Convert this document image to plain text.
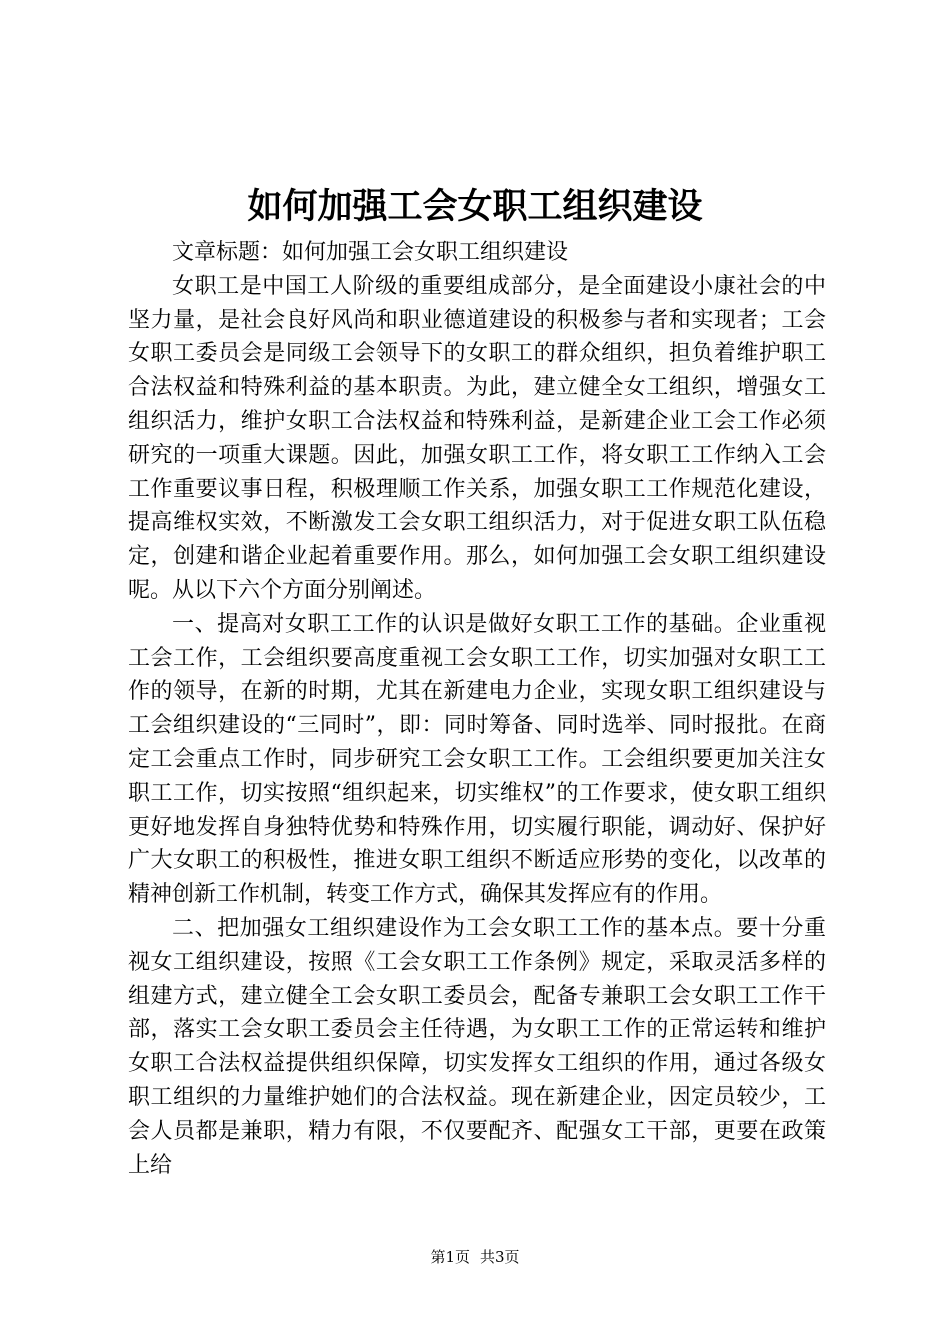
如何加强工会女职工组织建设

文章标题：如何加强工会女职工组织建设

女职工是中国工人阶级的重要组成部分，是全面建设小康社会的中坚力量，是社会良好风尚和职业德道建设的积极参与者和实现者；工会女职工委员会是同级工会领导下的女职工的群众组织，担负着维护职工合法权益和特殊利益的基本职责。为此，建立健全女工组织，增强女工组织活力，维护女职工合法权益和特殊利益，是新建企业工会工作必须研究的一项重大课题。因此，加强女职工工作，将女职工工作纳入工会工作重要议事日程，积极理顺工作关系，加强女职工工作规范化建设，提高维权实效，不断激发工会女职工组织活力，对于促进女职工队伍稳定，创建和谐企业起着重要作用。那么，如何加强工会女职工组织建设呢。从以下六个方面分别阐述。

一、提高对女职工工作的认识是做好女职工工作的基础。企业重视工会工作，工会组织要高度重视工会女职工工作，切实加强对女职工工作的领导，在新的时期，尤其在新建电力企业，实现女职工组织建设与工会组织建设的“三同时”，即：同时筹备、同时选举、同时报批。在商定工会重点工作时，同步研究工会女职工工作。工会组织要更加关注女职工工作，切实按照“组织起来，切实维权”的工作要求，使女职工组织更好地发挥自身独特优势和特殊作用，切实履行职能，调动好、保护好广大女职工的积极性，推进女职工组织不断适应形势的变化，以改革的精神创新工作机制，转变工作方式，确保其发挥应有的作用。

二、把加强女工组织建设作为工会女职工工作的基本点。要十分重视女工组织建设，按照《工会女职工工作条例》规定，采取灵活多样的组建方式，建立健全工会女职工委员会，配备专兼职工会女职工工作干部，落实工会女职工委员会主任待遇，为女职工工作的正常运转和维护女职工合法权益提供组织保障，切实发挥女工组织的作用，通过各级女职工组织的力量维护她们的合法权益。现在新建企业，因定员较少，工会人员都是兼职，精力有限，不仅要配齐、配强女工干部，更要在政策上给

第1页 共3页
